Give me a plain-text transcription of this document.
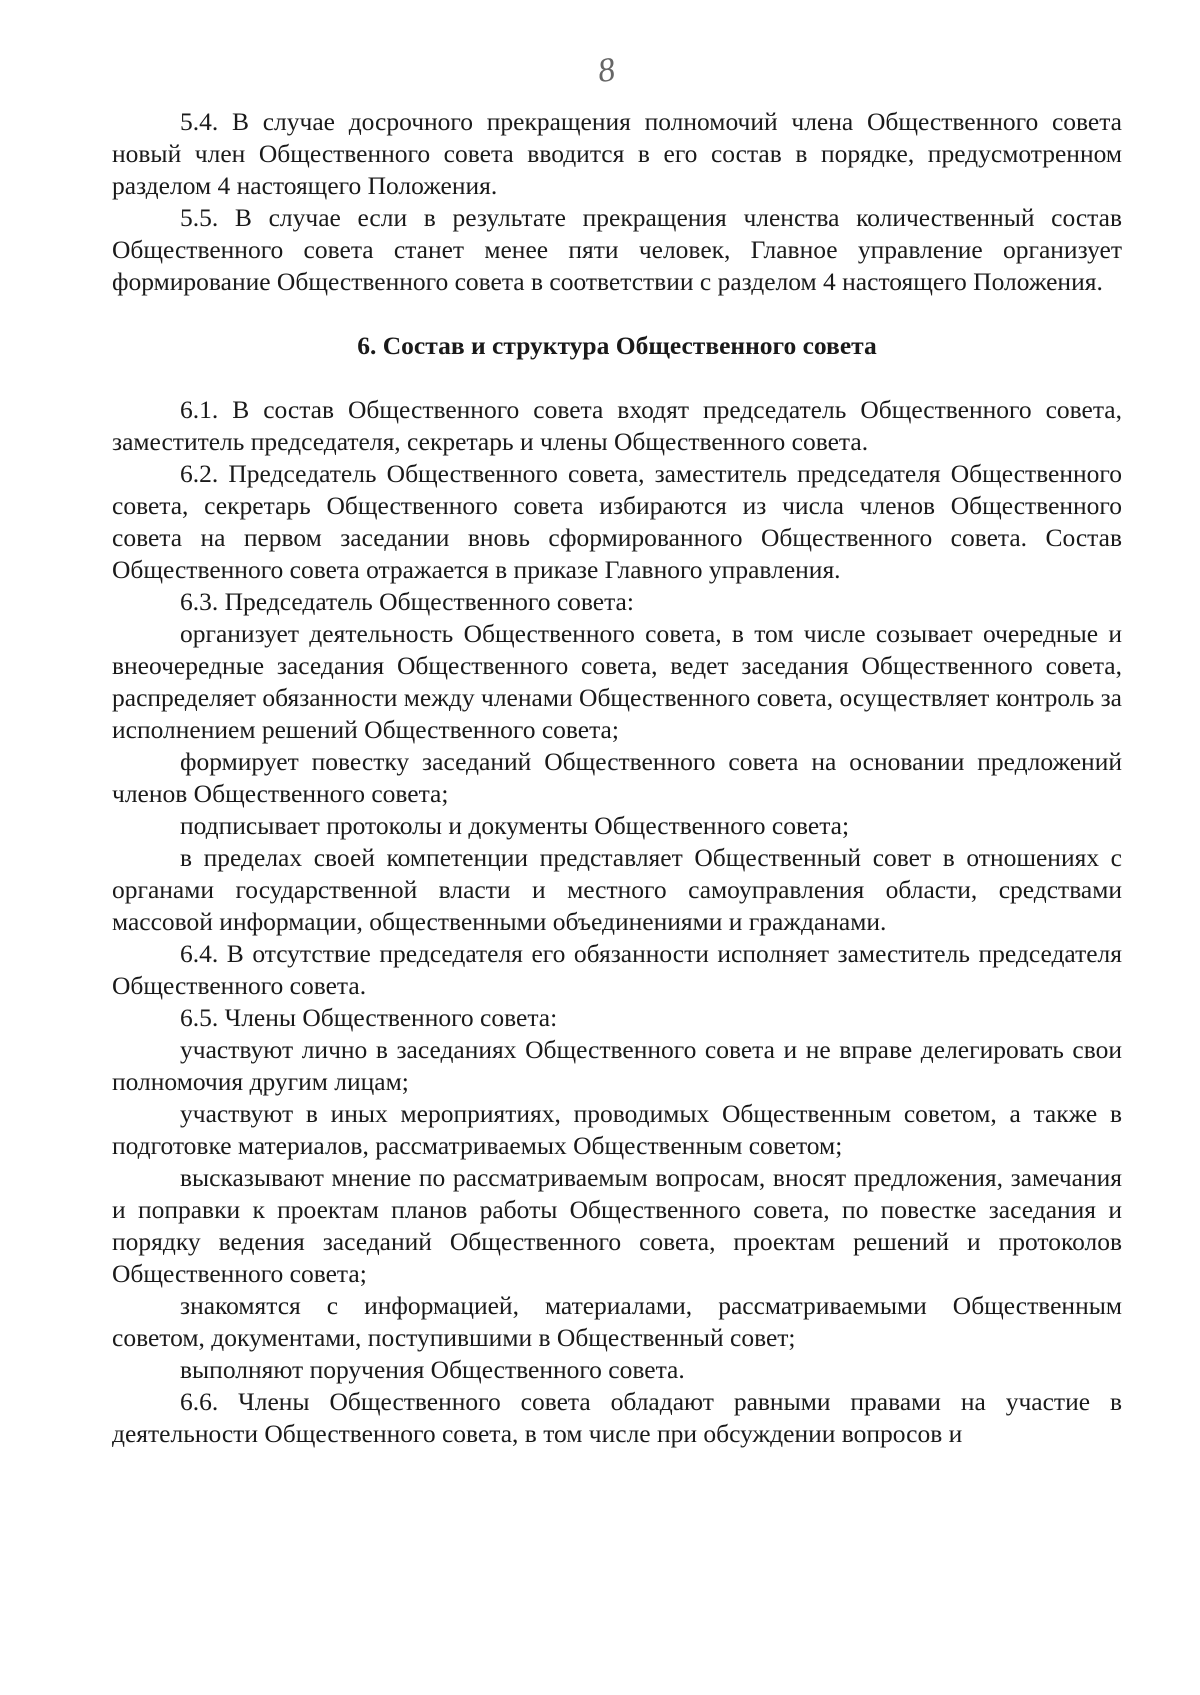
8

5.4. В случае досрочного прекращения полномочий члена Общественного совета новый член Общественного совета вводится в его состав в порядке, предусмотренном разделом 4 настоящего Положения.

5.5. В случае если в результате прекращения членства количественный состав Общественного совета станет менее пяти человек, Главное управление организует формирование Общественного совета в соответствии с разделом 4 настоящего Положения.

6. Состав и структура Общественного совета

6.1. В состав Общественного совета входят председатель Общественного совета, заместитель председателя, секретарь и члены Общественного совета.

6.2. Председатель Общественного совета, заместитель председателя Общественного совета, секретарь Общественного совета избираются из числа членов Общественного совета на первом заседании вновь сформированного Общественного совета. Состав Общественного совета отражается в приказе Главного управления.

6.3. Председатель Общественного совета:

организует деятельность Общественного совета, в том числе созывает очередные и внеочередные заседания Общественного совета, ведет заседания Общественного совета, распределяет обязанности между членами Общественного совета, осуществляет контроль за исполнением решений Общественного совета;

формирует повестку заседаний Общественного совета на основании предложений членов Общественного совета;

подписывает протоколы и документы Общественного совета;

в пределах своей компетенции представляет Общественный совет в отношениях с органами государственной власти и местного самоуправления области, средствами массовой информации, общественными объединениями и гражданами.

6.4. В отсутствие председателя его обязанности исполняет заместитель председателя Общественного совета.

6.5. Члены Общественного совета:

участвуют лично в заседаниях Общественного совета и не вправе делегировать свои полномочия другим лицам;

участвуют в иных мероприятиях, проводимых Общественным советом, а также в подготовке материалов, рассматриваемых Общественным советом;

высказывают мнение по рассматриваемым вопросам, вносят предложения, замечания и поправки к проектам планов работы Общественного совета, по повестке заседания и порядку ведения заседаний Общественного совета, проектам решений и протоколов Общественного совета;

знакомятся с информацией, материалами, рассматриваемыми Общественным советом, документами, поступившими в Общественный совет;

выполняют поручения Общественного совета.

6.6. Члены Общественного совета обладают равными правами на участие в деятельности Общественного совета, в том числе при обсуждении вопросов и
